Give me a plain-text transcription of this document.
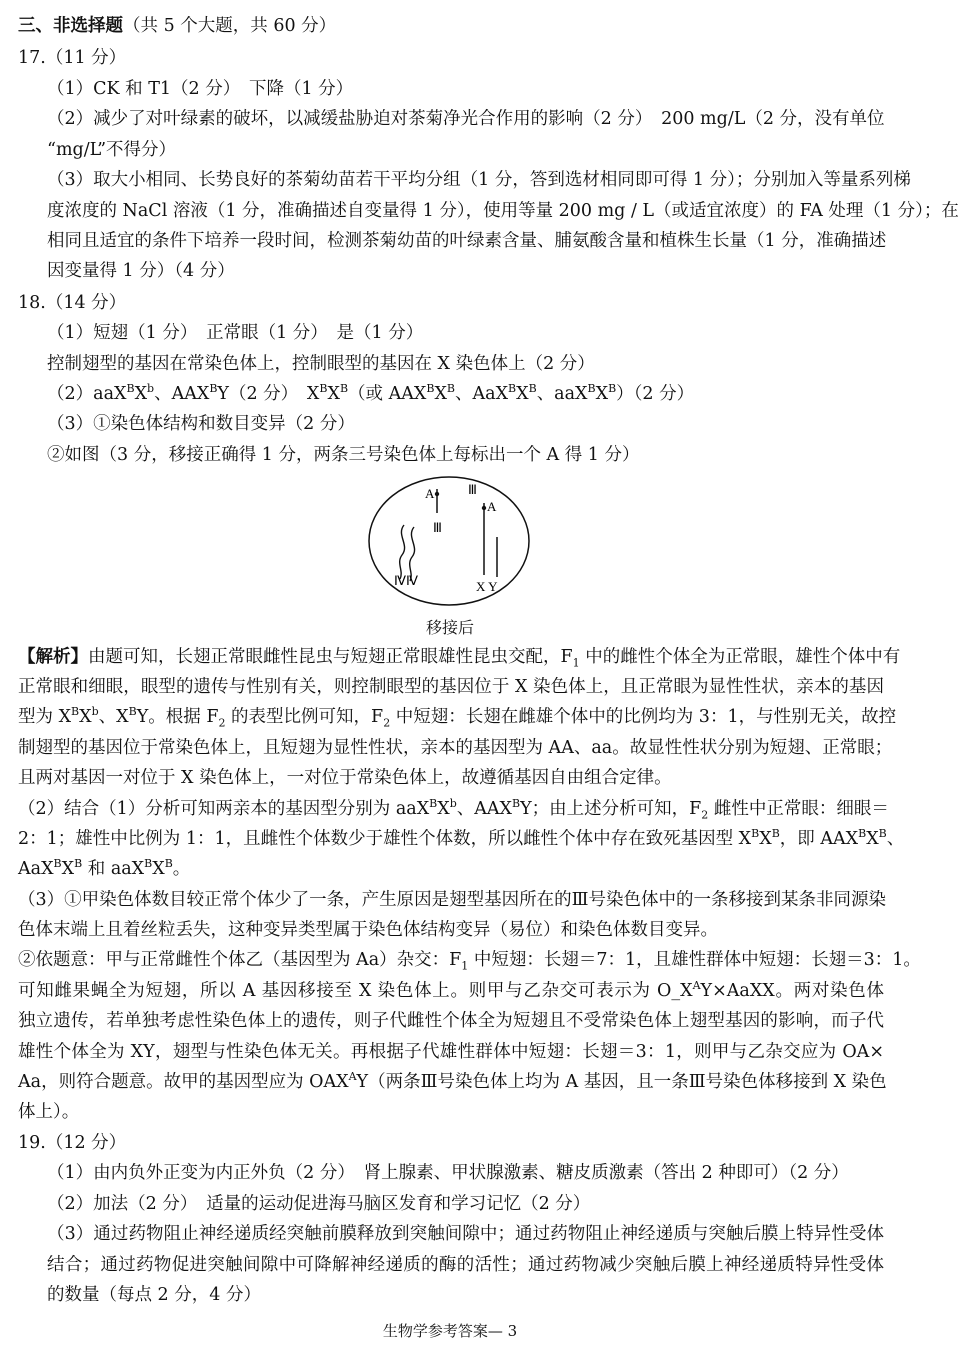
三、非选择题（共 5 个大题，共 60 分）
17.（11 分）
（1）CK 和 T1（2 分）　下降（1 分）
（2）减少了对叶绿素的破坏，以减缓盐胁迫对茶菊净光合作用的影响（2 分）　200 mg/L（2 分，没有单位
“mg/L”不得分）
（3）取大小相同、长势良好的茶菊幼苗若干平均分组（1 分，答到选材相同即可得 1 分）；分别加入等量系列梯
度浓度的 NaCl 溶液（1 分，准确描述自变量得 1 分），使用等量 200 mg / L（或适宜浓度）的 FA 处理（1 分）；在
相同且适宜的条件下培养一段时间，检测茶菊幼苗的叶绿素含量、脯氨酸含量和植株生长量（1 分，准确描述
因变量得 1 分）（4 分）
18.（14 分）
（1）短翅（1 分）　正常眼（1 分）　是（1 分）
控制翅型的基因在常染色体上，控制眼型的基因在 X 染色体上（2 分）
$(2)aaX^BX^b$、$AAX^BY(2$ 分）　$X^BX^B$（或 $AAX^BX^B$、$AaX^BX^B$、$aaX^BX^B)(2$ 分）
（3）①染色体结构和数目变异（2 分）
②如图（3 分，移接正确得 1 分，两条三号染色体上每标出一个 A 得 1 分）
A
Ⅲ
Ⅲ
A
ⅣⅣ	X Y
移接后
【解析】由题可知，长翅正常眼雌性昆虫与短翅正常眼雄性昆虫交配，$F_1$ 中的雌性个体全为正常眼，雄性个体中有
正常眼和细眼，眼型的遗传与性别有关，则控制眼型的基因位于 X 染色体上，且正常眼为显性性状，亲本的基因
型为 $X^BX^b$、$X^BY$。根据 $F_2$ 的表型比例可知，$F_2$ 中短翅：长翅在雌雄个体中的比例均为 3：1，与性别无关，故控
制翅型的基因位于常染色体上，且短翅为显性性状，亲本的基因型为 AA、aa。故显性性状分别为短翅、正常眼；
且两对基因一对位于 X 染色体上，一对位于常染色体上，故遵循基因自由组合定律。
（2）结合（1）分析可知两亲本的基因型分别为 $aaX^BX^b$、$AAX^BY$；由上述分析可知，$F_2$ 雌性中正常眼：细眼＝
2：1；雄性中比例为 1：1，且雌性个体数少于雄性个体数，所以雌性个体中存在致死基因型 $X^BX^B$，即 $AAX^BX^B$、
$AaX^BX^B$ 和 $aaX^BX^B$。
（3）①甲染色体数目较正常个体少了一条，产生原因是翅型基因所在的Ⅲ号染色体中的一条移接到某条非同源染
色体末端上且着丝粒丢失，这种变异类型属于染色体结构变异（易位）和染色体数目变异。
②依题意：甲与正常雌性个体乙（基因型为 Aa）杂交：$F_1$ 中短翅：长翅＝7：1，且雄性群体中短翅：长翅＝3：1。
可知雌果蝇全为短翅，所以 A 基因移接至 X 染色体上。则甲与乙杂交可表示为 $O\_X^AY\times AaXX$。两对染色体
独立遗传，若单独考虑性染色体上的遗传，则子代雌性个体全为短翅且不受常染色体上翅型基因的影响，而子代
雄性个体全为 XY，翅型与性染色体无关。再根据子代雄性群体中短翅：长翅＝3：1，则甲与乙杂交应为 OA×
Aa，则符合题意。故甲的基因型应为 $OAX^AY$（两条Ⅲ号染色体上均为 A 基因，且一条Ⅲ号染色体移接到 X 染色
体上）。
19.（12 分）
（1）由内负外正变为内正外负（2 分）　肾上腺素、甲状腺激素、糖皮质激素（答出 2 种即可）（2 分）
（2）加法（2 分）　适量的运动促进海马脑区发育和学习记忆（2 分）
（3）通过药物阻止神经递质经突触前膜释放到突触间隙中；通过药物阻止神经递质与突触后膜上特异性受体
结合；通过药物促进突触间隙中可降解神经递质的酶的活性；通过药物减少突触后膜上神经递质特异性受体
的数量（每点 2 分，4 分）
生物学参考答案— 3
